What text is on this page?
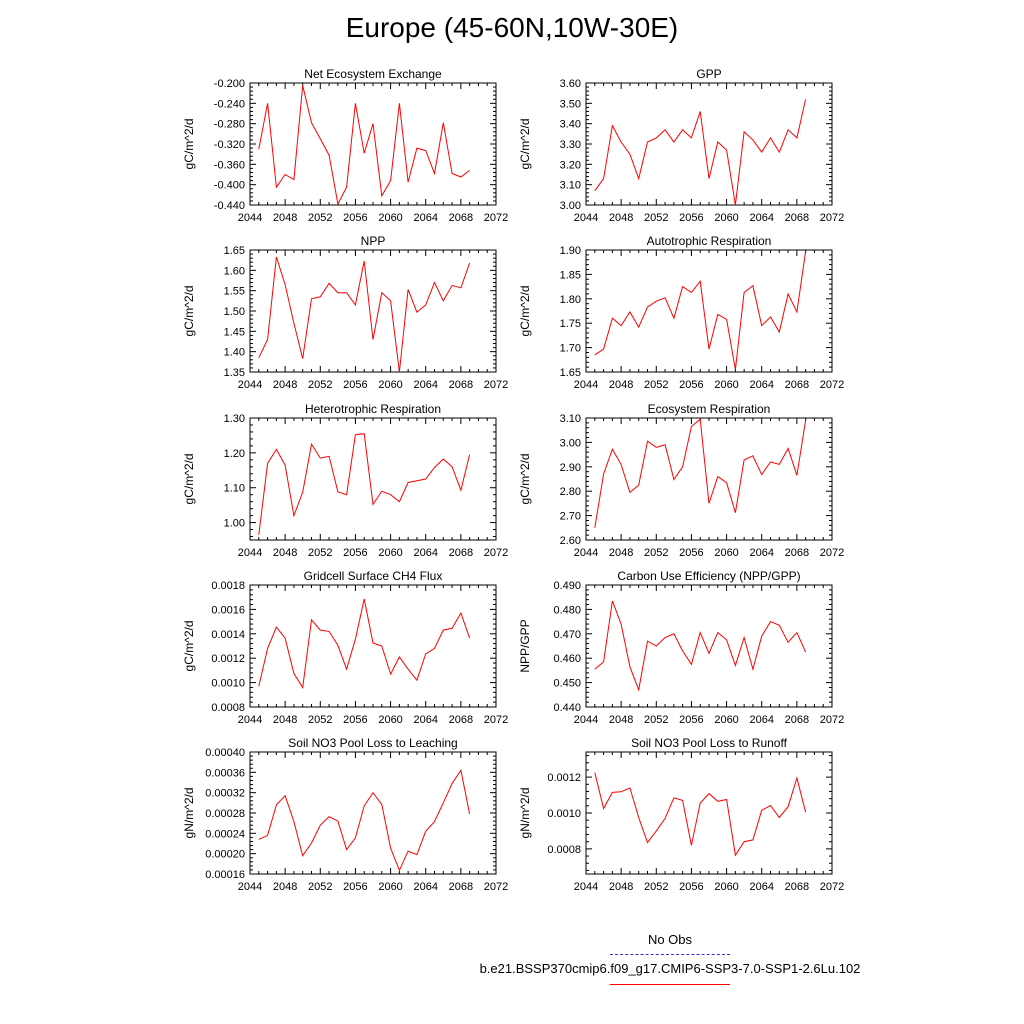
Europe (45-60N,10W-30E)
Net Ecosystem Exchange
gC/m^2/d
2044 2048 2052 2056 2060 2064 2068 2072
-0.440
-0.400
-0.360
-0.320
-0.280
-0.240
-0.200
GPP
gC/m^2/d
2044 2048 2052 2056 2060 2064 2068 2072
3.00
3.10
3.20
3.30
3.40
3.50
3.60
NPP
gC/m^2/d
2044 2048 2052 2056 2060 2064 2068 2072
1.35
1.40
1.45
1.50
1.55
1.60
1.65
Autotrophic Respiration
gC/m^2/d
2044 2048 2052 2056 2060 2064 2068 2072
1.65
1.70
1.75
1.80
1.85
1.90
Heterotrophic Respiration
gC/m^2/d
2044 2048 2052 2056 2060 2064 2068 2072
1.00
1.10
1.20
1.30
Ecosystem Respiration
gC/m^2/d
2044 2048 2052 2056 2060 2064 2068 2072
2.60
2.70
2.80
2.90
3.00
3.10
Gridcell Surface CH4 Flux
gC/m^2/d
2044 2048 2052 2056 2060 2064 2068 2072
0.0008
0.0010
0.0012
0.0014
0.0016
0.0018
Carbon Use Efficiency (NPP/GPP)
NPP/GPP
2044 2048 2052 2056 2060 2064 2068 2072
0.440
0.450
0.460
0.470
0.480
0.490
Soil NO3 Pool Loss to Leaching
gN/m^2/d
2044 2048 2052 2056 2060 2064 2068 2072
0.00016
0.00020
0.00024
0.00028
0.00032
0.00036
0.00040
Soil NO3 Pool Loss to Runoff
gN/m^2/d
2044 2048 2052 2056 2060 2064 2068 2072
0.0008
0.0010
0.0012
No Obs
b.e21.BSSP370cmip6.f09_g17.CMIP6-SSP3-7.0-SSP1-2.6Lu.102
